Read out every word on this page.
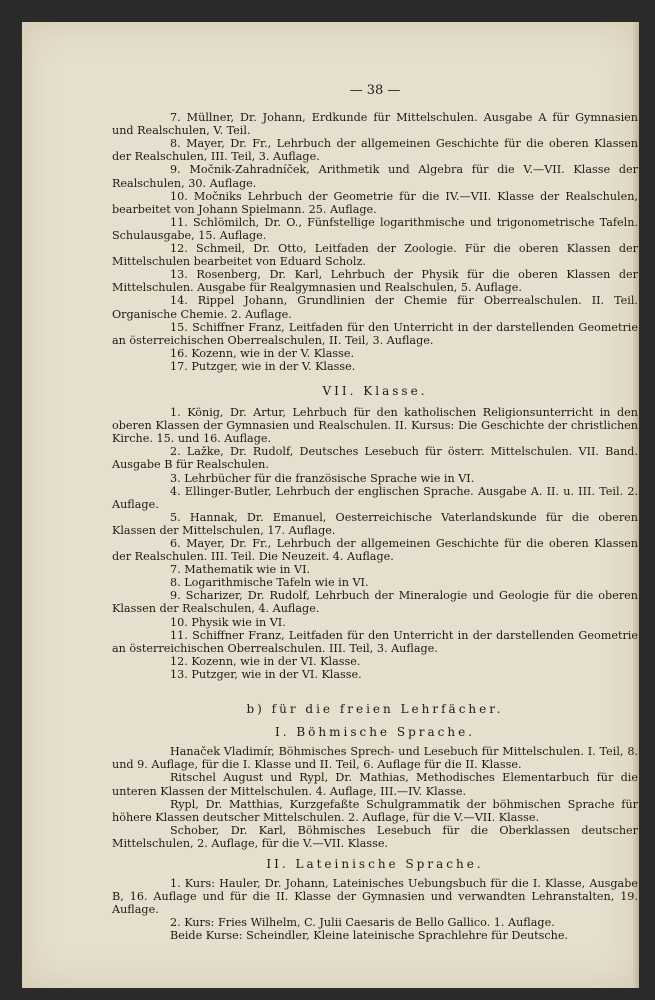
— 38 —

7. Müllner, Dr. Johann, Erdkunde für Mittelschulen. Ausgabe A für Gymnasien und Realschulen, V. Teil.

8. Mayer, Dr. Fr., Lehrbuch der allgemeinen Geschichte für die oberen Klassen der Realschulen, III. Teil, 3. Auflage.

9. Močnik-Zahradníček, Arithmetik und Algebra für die V.—VII. Klasse der Realschulen, 30. Auflage.

10. Močniks Lehrbuch der Geometrie für die IV.—VII. Klasse der Realschulen, bearbeitet von Johann Spielmann. 25. Auflage.

11. Schlömilch, Dr. O., Fünfstellige logarithmische und trigonometrische Tafeln. Schulausgabe, 15. Auflage.

12. Schmeil, Dr. Otto, Leitfaden der Zoologie. Für die oberen Klassen der Mittelschulen bearbeitet von Eduard Scholz.

13. Rosenberg, Dr. Karl, Lehrbuch der Physik für die oberen Klassen der Mittelschulen. Ausgabe für Realgymnasien und Realschulen, 5. Auflage.

14. Rippel Johann, Grundlinien der Chemie für Oberrealschulen. II. Teil. Organische Chemie. 2. Auflage.

15. Schiffner Franz, Leitfaden für den Unterricht in der darstellenden Geometrie an österreichischen Oberrealschulen, II. Teil, 3. Auflage.

16. Kozenn, wie in der V. Klasse.

17. Putzger, wie in der V. Klasse.

VII. Klasse.

1. König, Dr. Artur, Lehrbuch für den katholischen Religionsunterricht in den oberen Klassen der Gymnasien und Realschulen. II. Kursus: Die Geschichte der christlichen Kirche. 15. und 16. Auflage.

2. Lažke, Dr. Rudolf, Deutsches Lesebuch für österr. Mittelschulen. VII. Band. Ausgabe B für Realschulen.

3. Lehrbücher für die französische Sprache wie in VI.

4. Ellinger-Butler, Lehrbuch der englischen Sprache. Ausgabe A. II. u. III. Teil. 2. Auflage.

5. Hannak, Dr. Emanuel, Oesterreichische Vaterlandskunde für die oberen Klassen der Mittelschulen, 17. Auflage.

6. Mayer, Dr. Fr., Lehrbuch der allgemeinen Geschichte für die oberen Klassen der Realschulen. III. Teil. Die Neuzeit. 4. Auflage.

7. Mathematik wie in VI.

8. Logarithmische Tafeln wie in VI.

9. Scharizer, Dr. Rudolf, Lehrbuch der Mineralogie und Geologie für die oberen Klassen der Realschulen, 4. Auflage.

10. Physik wie in VI.

11. Schiffner Franz, Leitfaden für den Unterricht in der darstellenden Geometrie an österreichischen Oberrealschulen. III. Teil, 3. Auflage.

12. Kozenn, wie in der VI. Klasse.

13. Putzger, wie in der VI. Klasse.

b) für die freien Lehrfächer.
I. Böhmische Sprache.

Hanaček Vladimír, Böhmisches Sprech- und Lesebuch für Mittelschulen. I. Teil, 8. und 9. Auflage, für die I. Klasse und II. Teil, 6. Auflage für die II. Klasse.

Ritschel August und Rypl, Dr. Mathias, Methodisches Elementarbuch für die unteren Klassen der Mittelschulen. 4. Auflage, III.—IV. Klasse.

Rypl, Dr. Matthias, Kurzgefaßte Schulgrammatik der böhmischen Sprache für höhere Klassen deutscher Mittelschulen. 2. Auflage, für die V.—VII. Klasse.

Schober, Dr. Karl, Böhmisches Lesebuch für die Oberklassen deutscher Mittelschulen, 2. Auflage, für die V.—VII. Klasse.

II. Lateinische Sprache.

1. Kurs: Hauler, Dr. Johann, Lateinisches Uebungsbuch für die I. Klasse, Ausgabe B, 16. Auflage und für die II. Klasse der Gymnasien und verwandten Lehranstalten, 19. Auflage.

2. Kurs: Fries Wilhelm, C. Julii Caesaris de Bello Gallico. 1. Auflage.

Beide Kurse: Scheindler, Kleine lateinische Sprachlehre für Deutsche.
